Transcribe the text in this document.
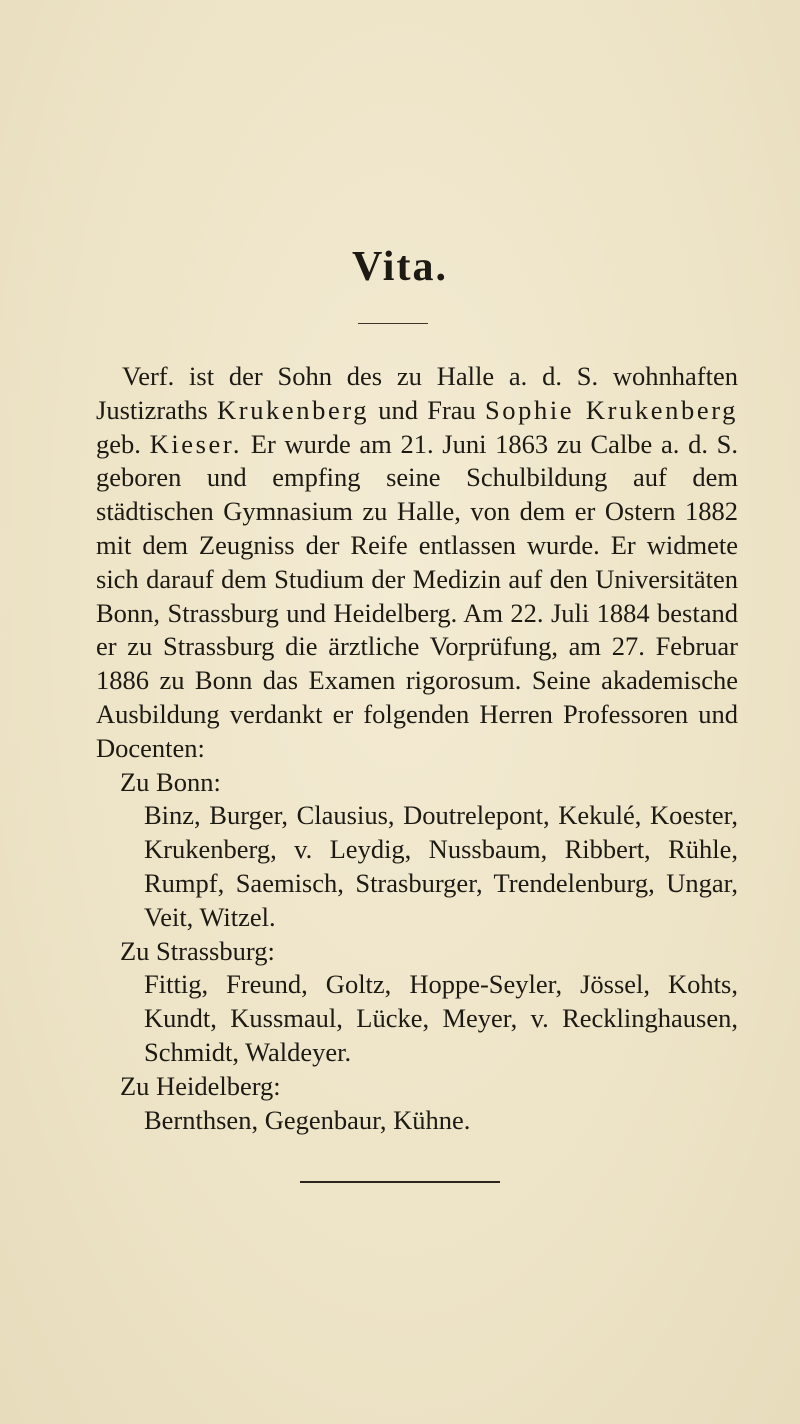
Vita.

Verf. ist der Sohn des zu Halle a. d. S. wohnhaften Justizraths Krukenberg und Frau Sophie Krukenberg geb. Kieser. Er wurde am 21. Juni 1863 zu Calbe a. d. S. geboren und empfing seine Schulbildung auf dem städtischen Gymnasium zu Halle, von dem er Ostern 1882 mit dem Zeugniss der Reife entlassen wurde. Er widmete sich darauf dem Studium der Medizin auf den Universitäten Bonn, Strassburg und Heidelberg. Am 22. Juli 1884 bestand er zu Strassburg die ärztliche Vorprüfung, am 27. Februar 1886 zu Bonn das Examen rigorosum. Seine akademische Ausbildung verdankt er folgenden Herren Professoren und Docenten:

Zu Bonn:

Binz, Burger, Clausius, Doutrelepont, Kekulé, Koester, Krukenberg, v. Leydig, Nussbaum, Ribbert, Rühle, Rumpf, Saemisch, Strasburger, Trendelenburg, Ungar, Veit, Witzel.

Zu Strassburg:

Fittig, Freund, Goltz, Hoppe-Seyler, Jössel, Kohts, Kundt, Kussmaul, Lücke, Meyer, v. Recklinghausen, Schmidt, Waldeyer.

Zu Heidelberg:

Bernthsen, Gegenbaur, Kühne.
